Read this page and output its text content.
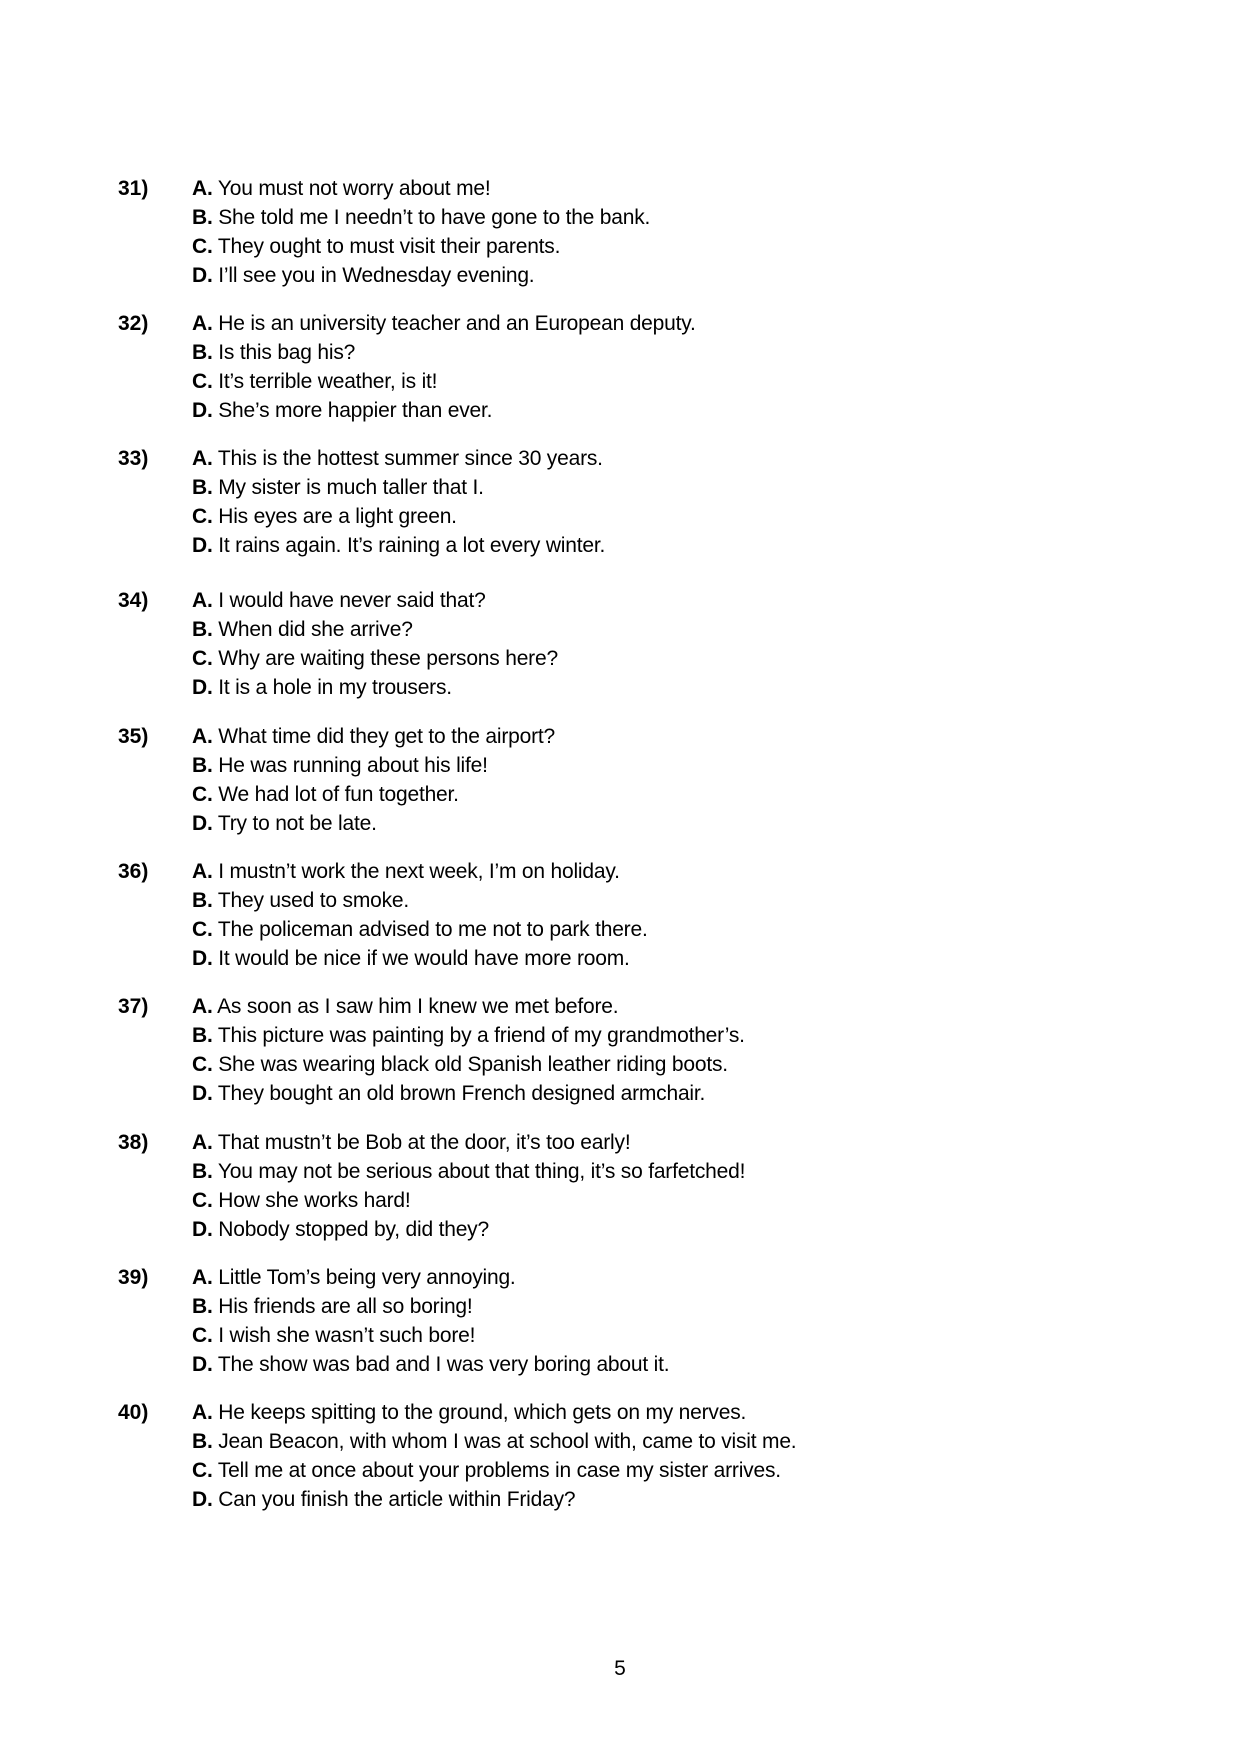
31) A. You must not worry about me!
B. She told me I needn’t to have gone to the bank.
C. They ought to must visit their parents.
D. I’ll see you in Wednesday evening.
32) A. He is an university teacher and an European deputy.
B. Is this bag his?
C. It’s terrible weather, is it!
D. She’s more happier than ever.
33) A. This is the hottest summer since 30 years.
B. My sister is much taller that I.
C. His eyes are a light green.
D. It rains again. It’s raining a lot every winter.
34) A. I would have never said that?
B. When did she arrive?
C. Why are waiting these persons here?
D. It is a hole in my trousers.
35) A. What time did they get to the airport?
B. He was running about his life!
C. We had lot of fun together.
D. Try to not be late.
36) A. I mustn’t work the next week, I’m on holiday.
B. They used to smoke.
C. The policeman advised to me not to park there.
D. It would be nice if we would have more room.
37) A. As soon as I saw him I knew we met before.
B. This picture was painting by a friend of my grandmother’s.
C. She was wearing black old Spanish leather riding boots.
D. They bought an old brown French designed armchair.
38) A. That mustn’t be Bob at the door, it’s too early!
B. You may not be serious about that thing, it’s so farfetched!
C. How she works hard!
D. Nobody stopped by, did they?
39) A. Little Tom’s being very annoying.
B. His friends are all so boring!
C. I wish she wasn’t such bore!
D. The show was bad and I was very boring about it.
40) A. He keeps spitting to the ground, which gets on my nerves.
B. Jean Beacon, with whom I was at school with, came to visit me.
C. Tell me at once about your problems in case my sister arrives.
D. Can you finish the article within Friday?
5
